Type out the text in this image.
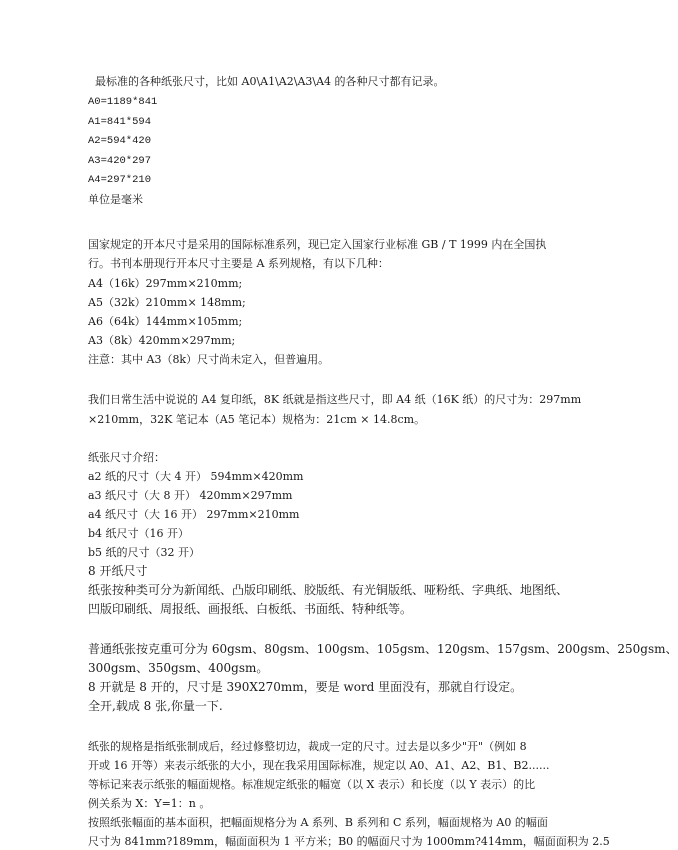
最标准的各种纸张尺寸，比如 A0\A1\A2\A3\A4 的各种尺寸都有记录。
A0=1189*841
A1=841*594
A2=594*420
A3=420*297
A4=297*210
单位是毫米
国家规定的开本尺寸是采用的国际标准系列，现已定入国家行业标准 GB / T 1999 内在全国执
行。书刊本册现行开本尺寸主要是 A 系列规格，有以下几种：
A4（16k）297mm×210mm;
A5（32k）210mm× 148mm;
A6（64k）144mm×105mm;
A3（8k）420mm×297mm;
注意：其中 A3（8k）尺寸尚未定入，但普遍用。
我们日常生活中说说的 A4 复印纸，8K 纸就是指这些尺寸，即 A4 纸（16K 纸）的尺寸为：297mm
×210mm，32K 笔记本（A5 笔记本）规格为：21cm × 14.8cm。
纸张尺寸介绍：
a2 纸的尺寸（大 4 开） 594mm×420mm
a3 纸尺寸（大 8 开） 420mm×297mm
a4 纸尺寸（大 16 开） 297mm×210mm
b4 纸尺寸（16 开）
b5 纸的尺寸（32 开）
8 开纸尺寸
纸张按种类可分为新闻纸、凸版印刷纸、胶版纸、有光铜版纸、哑粉纸、字典纸、地图纸、
凹版印刷纸、周报纸、画报纸、白板纸、书面纸、特种纸等。
普通纸张按克重可分为 60gsm、80gsm、100gsm、105gsm、120gsm、157gsm、200gsm、250gsm、
300gsm、350gsm、400gsm。
8 开就是 8 开的，尺寸是 390X270mm，要是 word 里面没有，那就自行设定。
全开,载成 8 张,你量一下.
纸张的规格是指纸张制成后，经过修整切边，裁成一定的尺寸。过去是以多少"开"（例如 8
开或 16 开等）来表示纸张的大小，现在我采用国际标准，规定以 A0、A1、A2、B1、B2......
等标记来表示纸张的幅面规格。标准规定纸张的幅宽（以 X 表示）和长度（以 Y 表示）的比
例关系为 X：Y=1：n 。
按照纸张幅面的基本面积，把幅面规格分为 A 系列、B 系列和 C 系列，幅面规格为 A0 的幅面
尺寸为 841mm?189mm，幅面面积为 1 平方米；B0 的幅面尺寸为 1000mm?414mm，幅面面积为 2.5
